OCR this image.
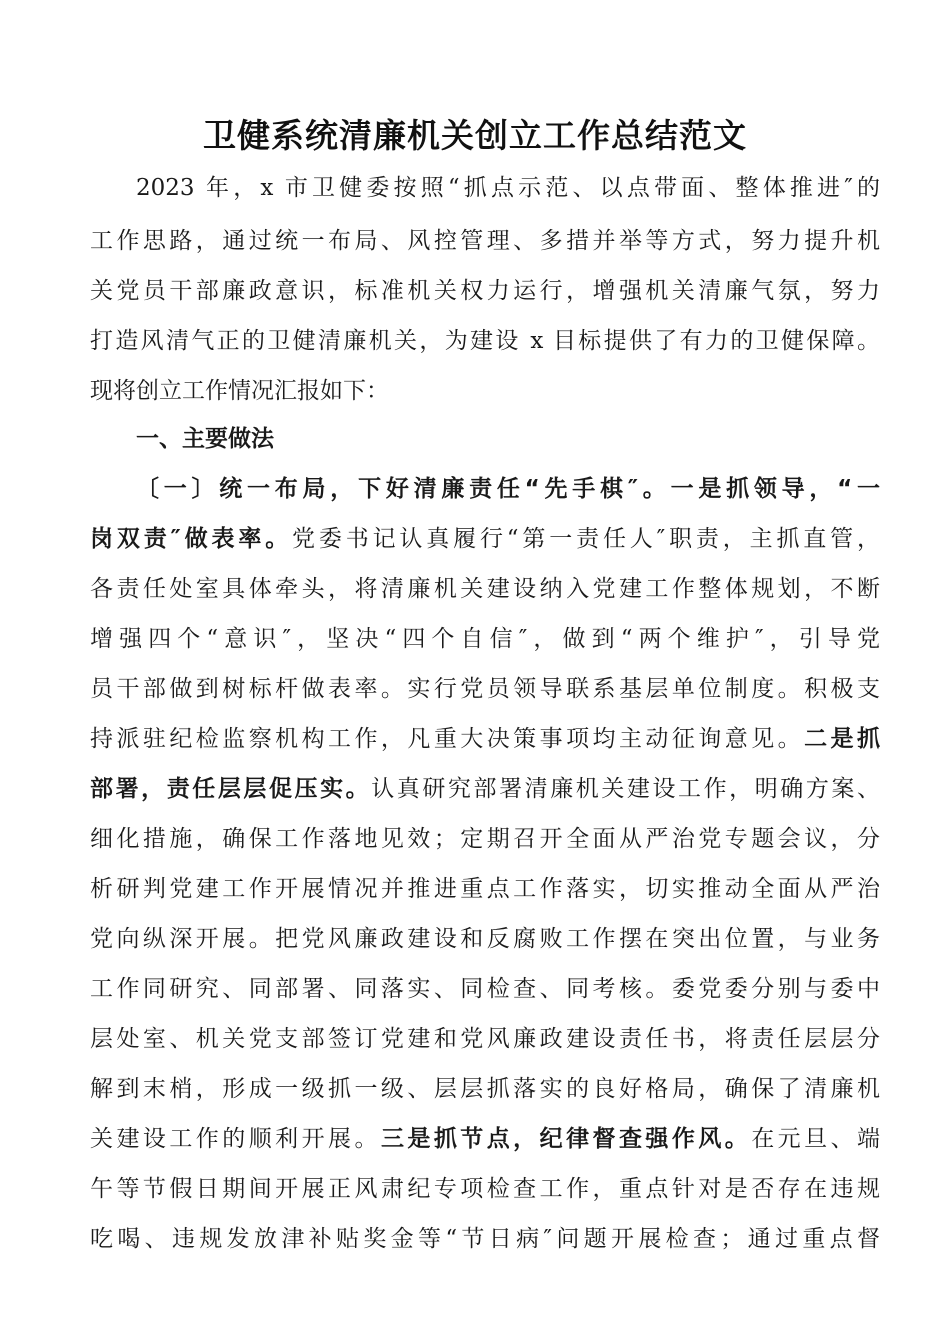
卫健系统清廉机关创立工作总结范文
2023 年，x 市卫健委按照“抓点示范、以点带面、整体推进″的
工作思路，通过统一布局、风控管理、多措并举等方式，努力提升机
关党员干部廉政意识，标准机关权力运行，增强机关清廉气氛，努力
打造风清气正的卫健清廉机关，为建设 x 目标提供了有力的卫健保障。
现将创立工作情况汇报如下：
一、主要做法
〔一〕统一布局，下好清廉责任“先手棋″。一是抓领导，“一
岗双责″做表率。党委书记认真履行“第一责任人″职责，主抓直管，
各责任处室具体牵头，将清廉机关建设纳入党建工作整体规划，不断
增强四个“意识″，坚决“四个自信″，做到“两个维护″，引导党
员干部做到树标杆做表率。实行党员领导联系基层单位制度。积极支
持派驻纪检监察机构工作，凡重大决策事项均主动征询意见。二是抓
部署，责任层层促压实。认真研究部署清廉机关建设工作，明确方案、
细化措施，确保工作落地见效；定期召开全面从严治党专题会议，分
析研判党建工作开展情况并推进重点工作落实，切实推动全面从严治
党向纵深开展。把党风廉政建设和反腐败工作摆在突出位置，与业务
工作同研究、同部署、同落实、同检查、同考核。委党委分别与委中
层处室、机关党支部签订党建和党风廉政建设责任书，将责任层层分
解到末梢，形成一级抓一级、层层抓落实的良好格局，确保了清廉机
关建设工作的顺利开展。三是抓节点，纪律督查强作风。在元旦、端
午等节假日期间开展正风肃纪专项检查工作，重点针对是否存在违规
吃喝、违规发放津补贴奖金等“节日病″问题开展检查；通过重点督
